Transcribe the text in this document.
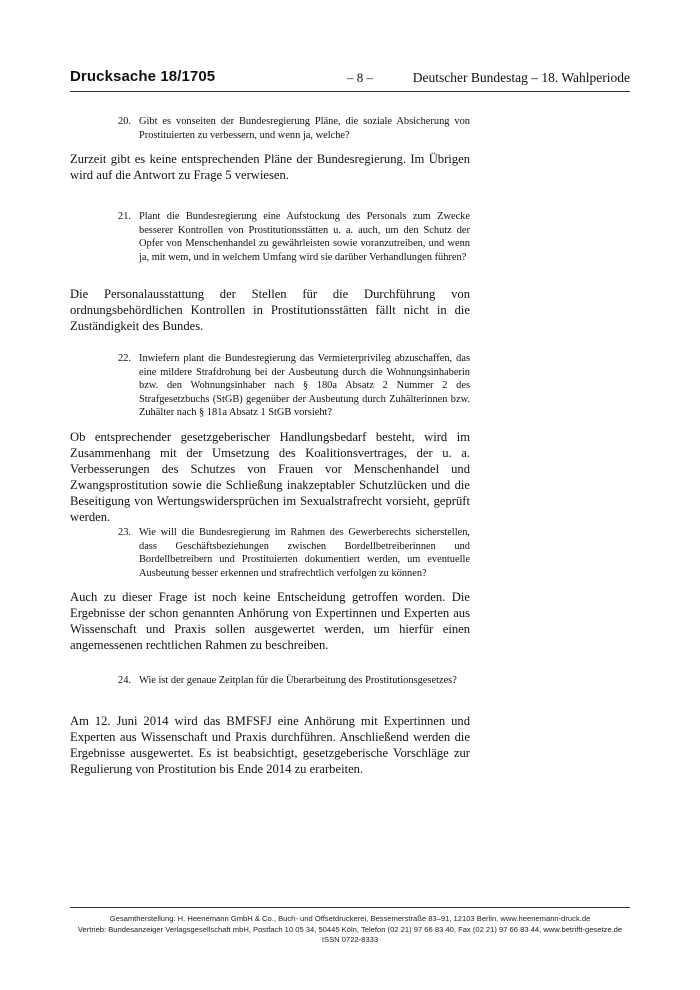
Drucksache 18/1705	– 8 –	Deutscher Bundestag – 18. Wahlperiode
20. Gibt es vonseiten der Bundesregierung Pläne, die soziale Absicherung von Prostituierten zu verbessern, und wenn ja, welche?
Zurzeit gibt es keine entsprechenden Pläne der Bundesregierung. Im Übrigen wird auf die Antwort zu Frage 5 verwiesen.
21. Plant die Bundesregierung eine Aufstockung des Personals zum Zwecke besserer Kontrollen von Prostitutionsstätten u. a. auch, um den Schutz der Opfer von Menschenhandel zu gewährleisten sowie voranzutreiben, und wenn ja, mit wem, und in welchem Umfang wird sie darüber Verhandlungen führen?
Die Personalausstattung der Stellen für die Durchführung von ordnungsbehördlichen Kontrollen in Prostitutionsstätten fällt nicht in die Zuständigkeit des Bundes.
22. Inwiefern plant die Bundesregierung das Vermieterprivileg abzuschaffen, das eine mildere Strafdrohung bei der Ausbeutung durch die Wohnungsinhaberin bzw. den Wohnungsinhaber nach § 180a Absatz 2 Nummer 2 des Strafgesetzbuchs (StGB) gegenüber der Ausbeutung durch Zuhälterinnen bzw. Zuhälter nach § 181a Absatz 1 StGB vorsieht?
Ob entsprechender gesetzgeberischer Handlungsbedarf besteht, wird im Zusammenhang mit der Umsetzung des Koalitionsvertrages, der u. a. Verbesserungen des Schutzes von Frauen vor Menschenhandel und Zwangsprostitution sowie die Schließung inakzeptabler Schutzlücken und die Beseitigung von Wertungswidersprüchen im Sexualstrafrecht vorsieht, geprüft werden.
23. Wie will die Bundesregierung im Rahmen des Gewerberechts sicherstellen, dass Geschäftsbeziehungen zwischen Bordellbetreiberinnen und Bordellbetreibern und Prostituierten dokumentiert werden, um eventuelle Ausbeutung besser erkennen und strafrechtlich verfolgen zu können?
Auch zu dieser Frage ist noch keine Entscheidung getroffen worden. Die Ergebnisse der schon genannten Anhörung von Expertinnen und Experten aus Wissenschaft und Praxis sollen ausgewertet werden, um hierfür einen angemessenen rechtlichen Rahmen zu beschreiben.
24. Wie ist der genaue Zeitplan für die Überarbeitung des Prostitutionsgesetzes?
Am 12. Juni 2014 wird das BMFSFJ eine Anhörung mit Expertinnen und Experten aus Wissenschaft und Praxis durchführen. Anschließend werden die Ergebnisse ausgewertet. Es ist beabsichtigt, gesetzgeberische Vorschläge zur Regulierung von Prostitution bis Ende 2014 zu erarbeiten.
Gesamtherstellung: H. Heenemann GmbH & Co., Buch- und Offsetdruckerei, Bessemerstraße 83–91, 12103 Berlin, www.heenemann-druck.de
Vertrieb: Bundesanzeiger Verlagsgesellschaft mbH, Postfach 10 05 34, 50445 Köln, Telefon (02 21) 97 66 83 40, Fax (02 21) 97 66 83 44, www.betrifft-gesetze.de
ISSN 0722-8333
